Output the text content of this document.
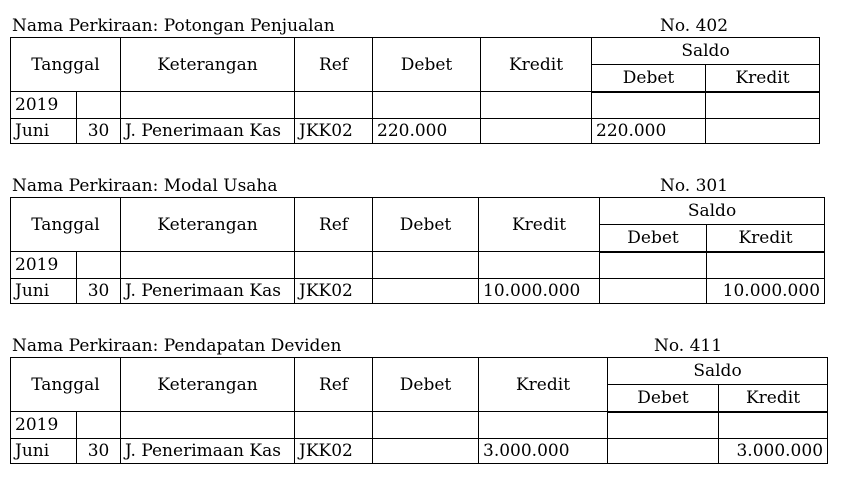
Nama Perkiraan: Potongan Penjualan	No. 402
Tanggal		Keterangan	Ref	Debet	Kredit	Saldo	
						Debet	Kredit
2019							
Juni	30	J. Penerimaan Kas	JKK02	220.000		220.000	
Nama Perkiraan: Modal Usaha	No. 301
Tanggal		Keterangan	Ref	Debet	Kredit	Saldo	
						Debet	Kredit
2019							
Juni	30	J. Penerimaan Kas	JKK02		10.000.000		10.000.000
Nama Perkiraan: Pendapatan Deviden	No. 411
Tanggal		Keterangan	Ref	Debet	Kredit	Saldo	
						Debet	Kredit
2019							
Juni	30	J. Penerimaan Kas	JKK02		3.000.000		3.000.000
